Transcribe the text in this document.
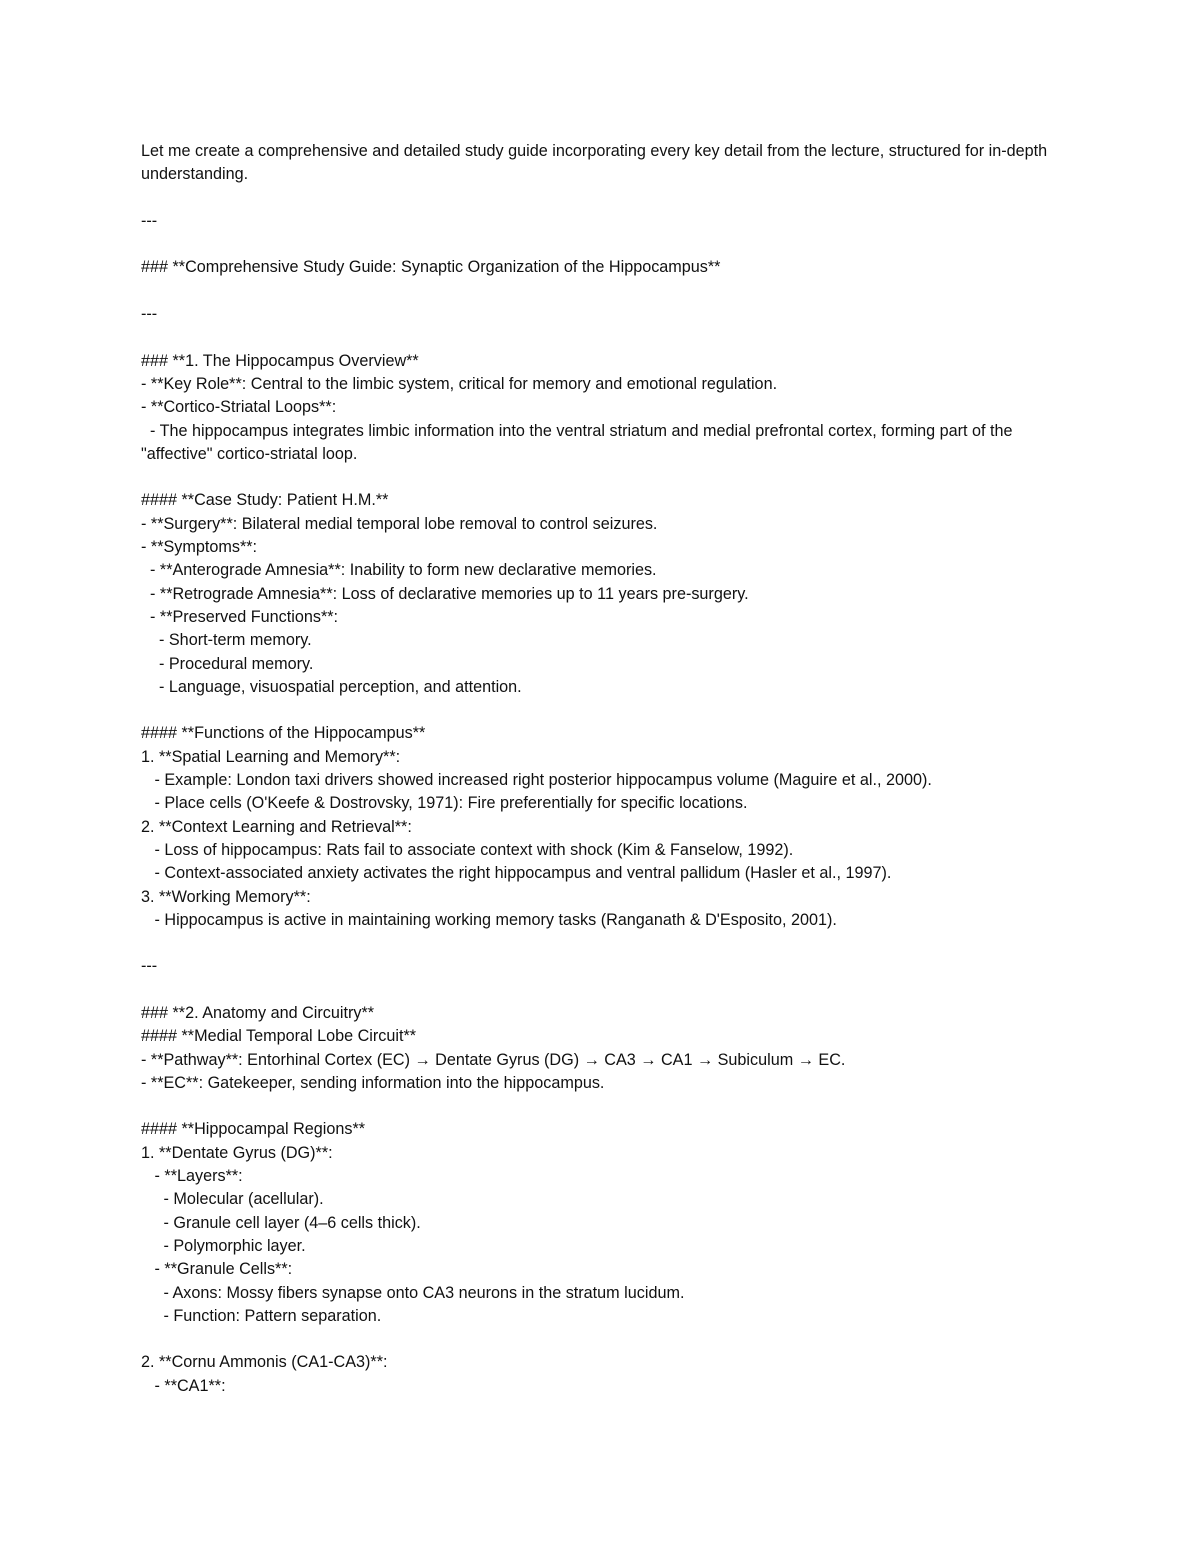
Let me create a comprehensive and detailed study guide incorporating every key detail from the lecture, structured for in-depth understanding.
---
### **Comprehensive Study Guide: Synaptic Organization of the Hippocampus**
---
### **1. The Hippocampus Overview**
- **Key Role**: Central to the limbic system, critical for memory and emotional regulation.
- **Cortico-Striatal Loops**:
- The hippocampus integrates limbic information into the ventral striatum and medial prefrontal cortex, forming part of the "affective" cortico-striatal loop.
#### **Case Study: Patient H.M.**
- **Surgery**: Bilateral medial temporal lobe removal to control seizures.
- **Symptoms**:
- **Anterograde Amnesia**: Inability to form new declarative memories.
- **Retrograde Amnesia**: Loss of declarative memories up to 11 years pre-surgery.
- **Preserved Functions**:
- Short-term memory.
- Procedural memory.
- Language, visuospatial perception, and attention.
#### **Functions of the Hippocampus**
1. **Spatial Learning and Memory**:
- Example: London taxi drivers showed increased right posterior hippocampus volume (Maguire et al., 2000).
- Place cells (O'Keefe & Dostrovsky, 1971): Fire preferentially for specific locations.
2. **Context Learning and Retrieval**:
- Loss of hippocampus: Rats fail to associate context with shock (Kim & Fanselow, 1992).
- Context-associated anxiety activates the right hippocampus and ventral pallidum (Hasler et al., 1997).
3. **Working Memory**:
- Hippocampus is active in maintaining working memory tasks (Ranganath & D'Esposito, 2001).
---
### **2. Anatomy and Circuitry**
#### **Medial Temporal Lobe Circuit**
- **Pathway**: Entorhinal Cortex (EC) → Dentate Gyrus (DG) → CA3 → CA1 → Subiculum → EC.
- **EC**: Gatekeeper, sending information into the hippocampus.
#### **Hippocampal Regions**
1. **Dentate Gyrus (DG)**:
- **Layers**:
- Molecular (acellular).
- Granule cell layer (4–6 cells thick).
- Polymorphic layer.
- **Granule Cells**:
- Axons: Mossy fibers synapse onto CA3 neurons in the stratum lucidum.
- Function: Pattern separation.
2. **Cornu Ammonis (CA1-CA3)**:
- **CA1**:
